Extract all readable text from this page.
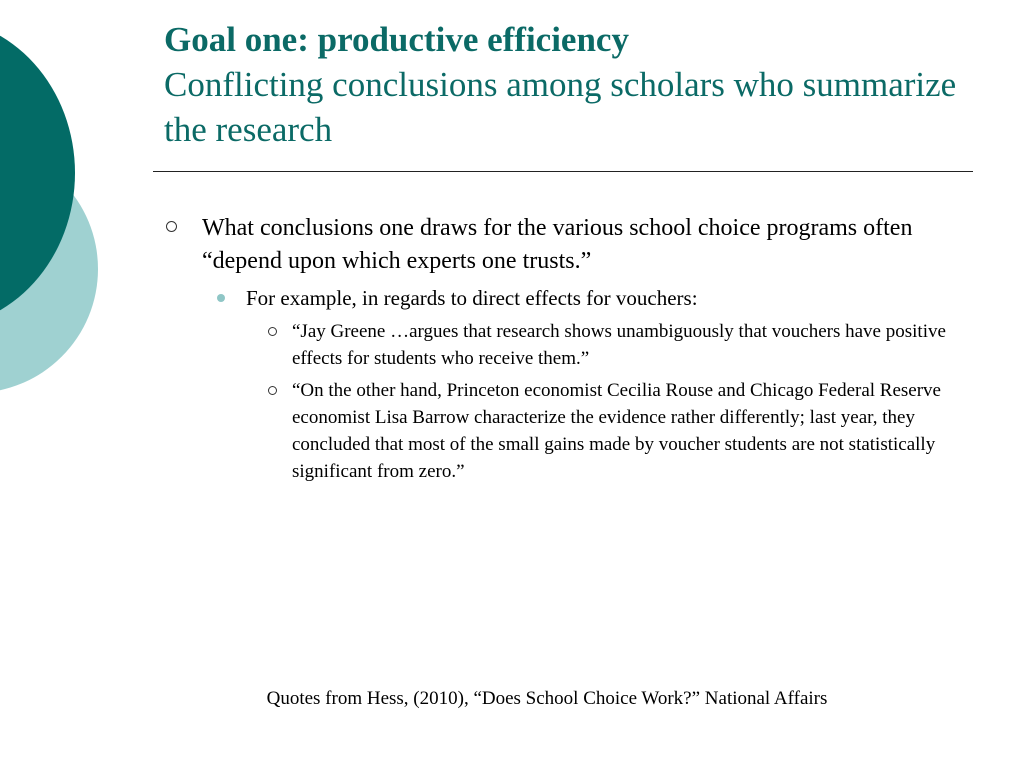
Goal one: productive efficiency
Conflicting conclusions among scholars who summarize the research
What conclusions one draws for the various school choice programs often “depend upon which experts one trusts.”
For example, in regards to direct effects for vouchers:
“Jay Greene …argues that research shows unambiguously that vouchers have positive effects for students who receive them.”
“On the other hand, Princeton economist Cecilia Rouse and Chicago Federal Reserve economist Lisa Barrow characterize the evidence rather differently; last year, they concluded that most of the small gains made by voucher students are not statistically significant from zero.”
Quotes from Hess, (2010), “Does School Choice Work?” National Affairs
